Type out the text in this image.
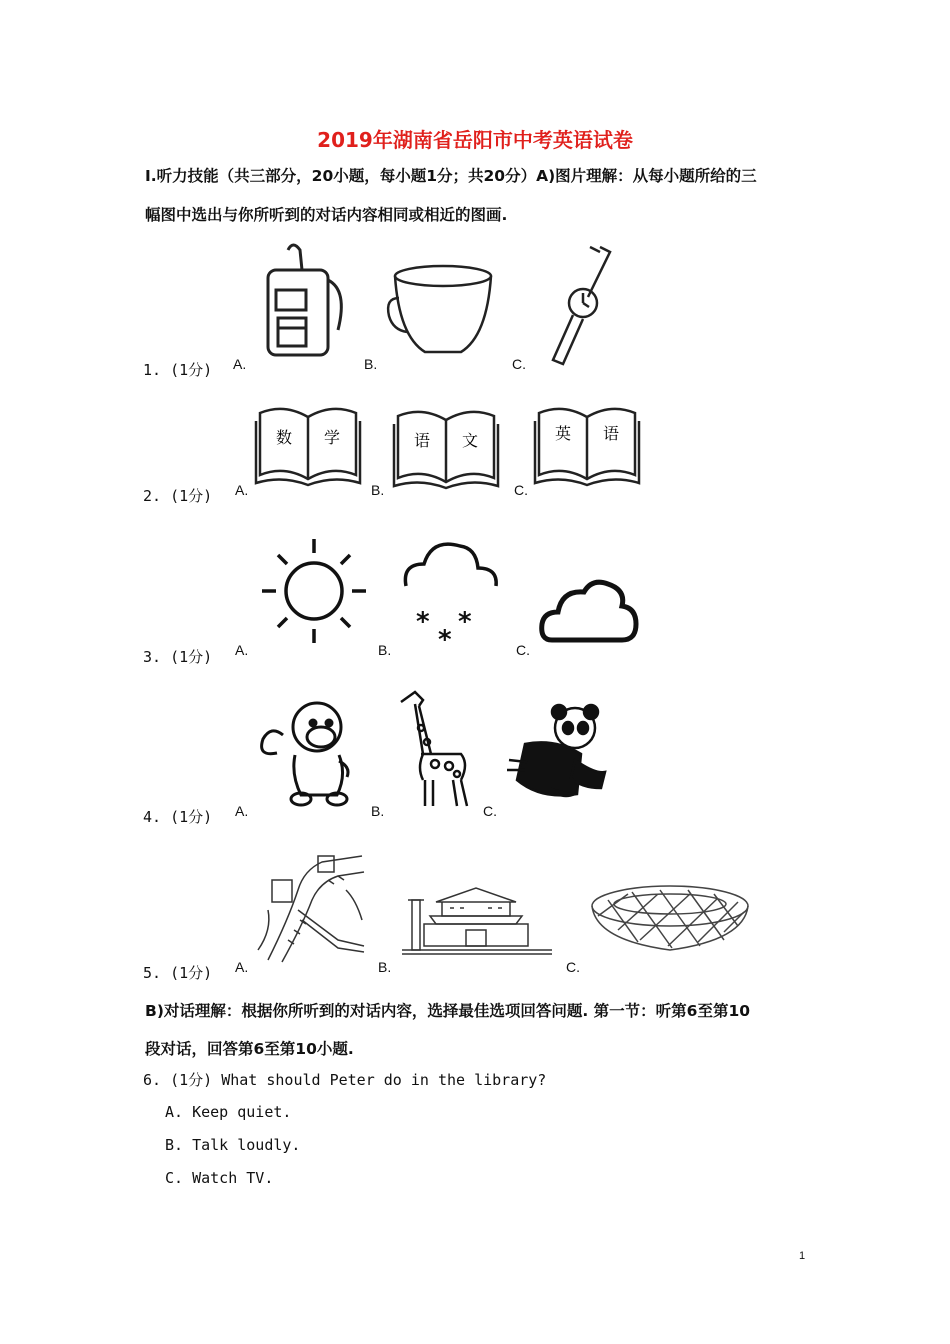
2019年湖南省岳阳市中考英语试卷
I.听力技能（共三部分，20小题，每小题1分；共20分）A)图片理解：从每小题所给的三
幅图中选出与你所听到的对话内容相同或相近的图画.
1. (1分) A.	B.	C.
2. (1分) A.	B.	C.
数 学	语 文	英 语
3. (1分) A.	B.	C.
* *
*
4. (1分) A.	B.	C.
5. (1分) A.	B.	C.
B)对话理解：根据你所听到的对话内容，选择最佳选项回答问题. 第一节：听第6至第10
段对话，回答第6至第10小题.
6. (1分) What should Peter do in the library?
A. Keep quiet.
B. Talk loudly.
C. Watch TV.
1
